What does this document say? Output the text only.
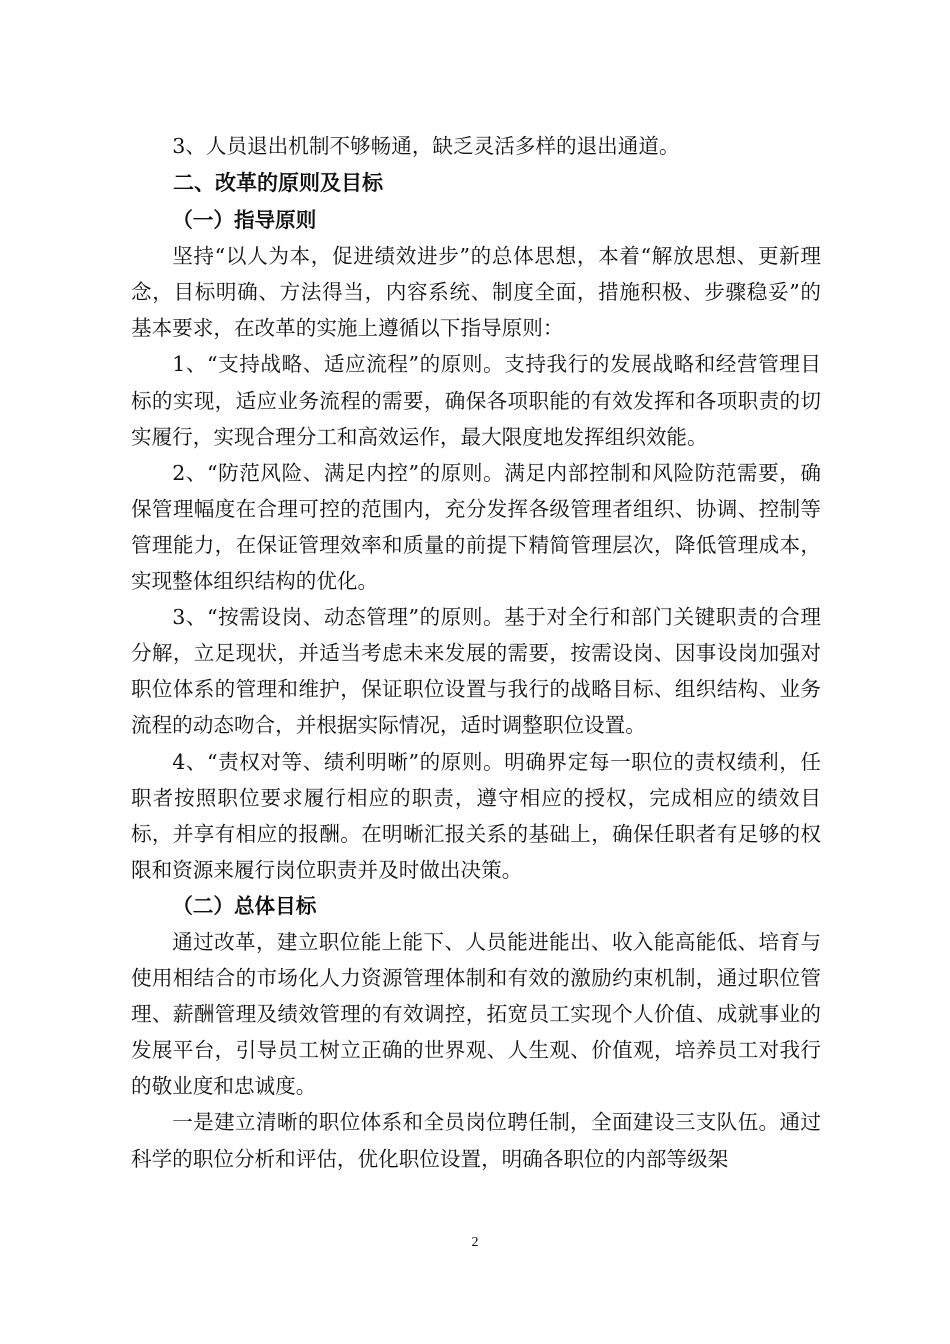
3、人员退出机制不够畅通，缺乏灵活多样的退出通道。

二、改革的原则及目标

（一）指导原则

坚持“以人为本，促进绩效进步”的总体思想，本着“解放思想、更新理念，目标明确、方法得当，内容系统、制度全面，措施积极、步骤稳妥”的基本要求，在改革的实施上遵循以下指导原则：

1、“支持战略、适应流程”的原则。支持我行的发展战略和经营管理目标的实现，适应业务流程的需要，确保各项职能的有效发挥和各项职责的切实履行，实现合理分工和高效运作，最大限度地发挥组织效能。

2、“防范风险、满足内控”的原则。满足内部控制和风险防范需要，确保管理幅度在合理可控的范围内，充分发挥各级管理者组织、协调、控制等管理能力，在保证管理效率和质量的前提下精简管理层次，降低管理成本，实现整体组织结构的优化。

3、“按需设岗、动态管理”的原则。基于对全行和部门关键职责的合理分解，立足现状，并适当考虑未来发展的需要，按需设岗、因事设岗加强对职位体系的管理和维护，保证职位设置与我行的战略目标、组织结构、业务流程的动态吻合，并根据实际情况，适时调整职位设置。

4、“责权对等、绩利明晰”的原则。明确界定每一职位的责权绩利，任职者按照职位要求履行相应的职责，遵守相应的授权，完成相应的绩效目标，并享有相应的报酬。在明晰汇报关系的基础上，确保任职者有足够的权限和资源来履行岗位职责并及时做出决策。

（二）总体目标

通过改革，建立职位能上能下、人员能进能出、收入能高能低、培育与使用相结合的市场化人力资源管理体制和有效的激励约束机制，通过职位管理、薪酬管理及绩效管理的有效调控，拓宽员工实现个人价值、成就事业的发展平台，引导员工树立正确的世界观、人生观、价值观，培养员工对我行的敬业度和忠诚度。

一是建立清晰的职位体系和全员岗位聘任制，全面建设三支队伍。通过科学的职位分析和评估，优化职位设置，明确各职位的内部等级架

2
